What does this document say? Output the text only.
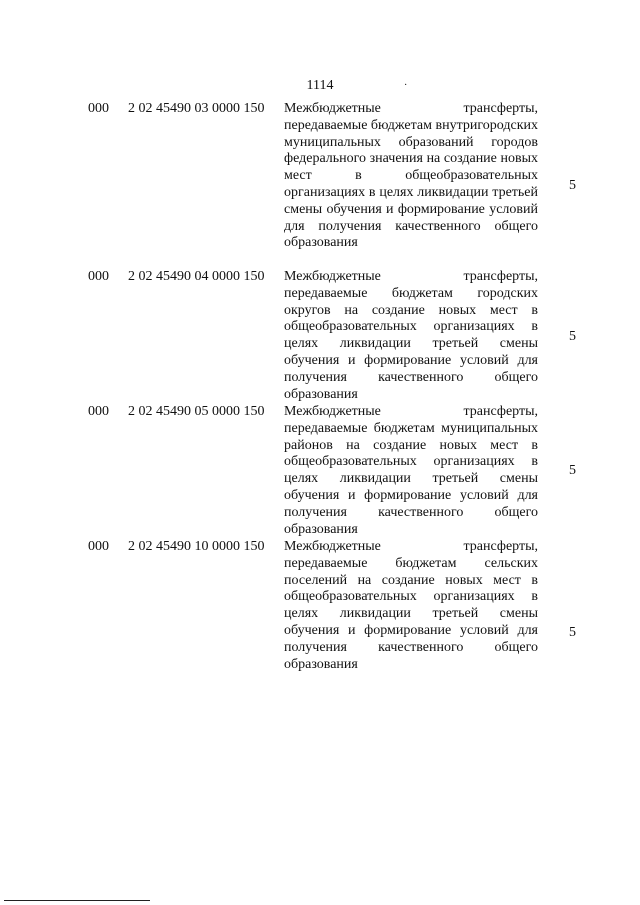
1114	·
000 2 02 45490 03 0000 150 Межбюджетные трансферты, передаваемые бюджетам внутригородских муниципальных образований городов федерального значения на создание новых мест в общеобразовательных организациях в целях ликвидации третьей смены обучения и формирование условий для получения качественного общего образования
5
000 2 02 45490 04 0000 150 Межбюджетные трансферты, передаваемые бюджетам городских округов на создание новых мест в общеобразовательных организациях в целях ликвидации третьей смены обучения и формирование условий для получения качественного общего образования
5
000 2 02 45490 05 0000 150 Межбюджетные трансферты, передаваемые бюджетам муниципальных районов на создание новых мест в общеобразовательных организациях в целях ликвидации третьей смены обучения и формирование условий для получения качественного общего образования
5
000 2 02 45490 10 0000 150 Межбюджетные трансферты, передаваемые бюджетам сельских поселений на создание новых мест в общеобразовательных организациях в целях ликвидации третьей смены обучения и формирование условий для получения качественного общего образования
5
